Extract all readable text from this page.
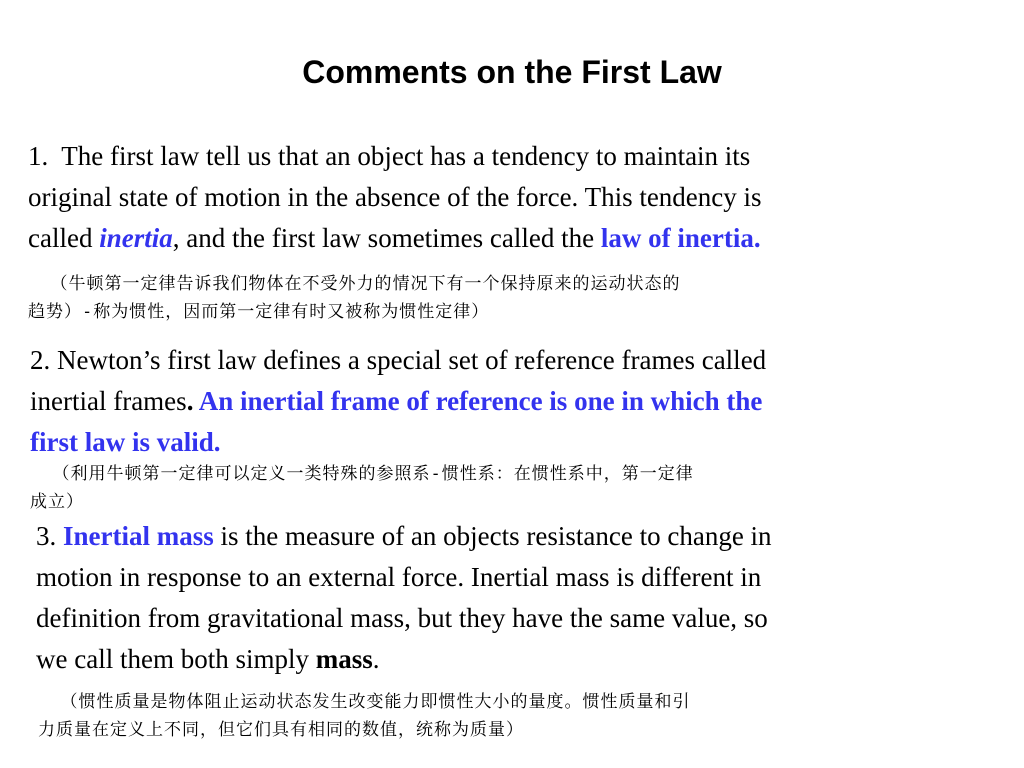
Comments on the First Law
1.  The first law tell us that an object has a tendency to maintain its
original state of motion in the absence of the force. This tendency is
called inertia, and the first law sometimes called the law of inertia.
（牛顿第一定律告诉我们物体在不受外力的情况下有一个保持原来的运动状态的
趋势）-称为惯性，因而第一定律有时又被称为惯性定律）
2. Newton’s first law defines a special set of reference frames called
inertial frames. An inertial frame of reference is one in which the
first law is valid.
（利用牛顿第一定律可以定义一类特殊的参照系-惯性系：在惯性系中，第一定律
成立）
3. Inertial mass is the measure of an objects resistance to change in
motion in response to an external force. Inertial mass is different in
definition from gravitational mass, but they have the same value, so
we call them both simply mass.
（惯性质量是物体阻止运动状态发生改变能力即惯性大小的量度。惯性质量和引
力质量在定义上不同，但它们具有相同的数值，统称为质量）
